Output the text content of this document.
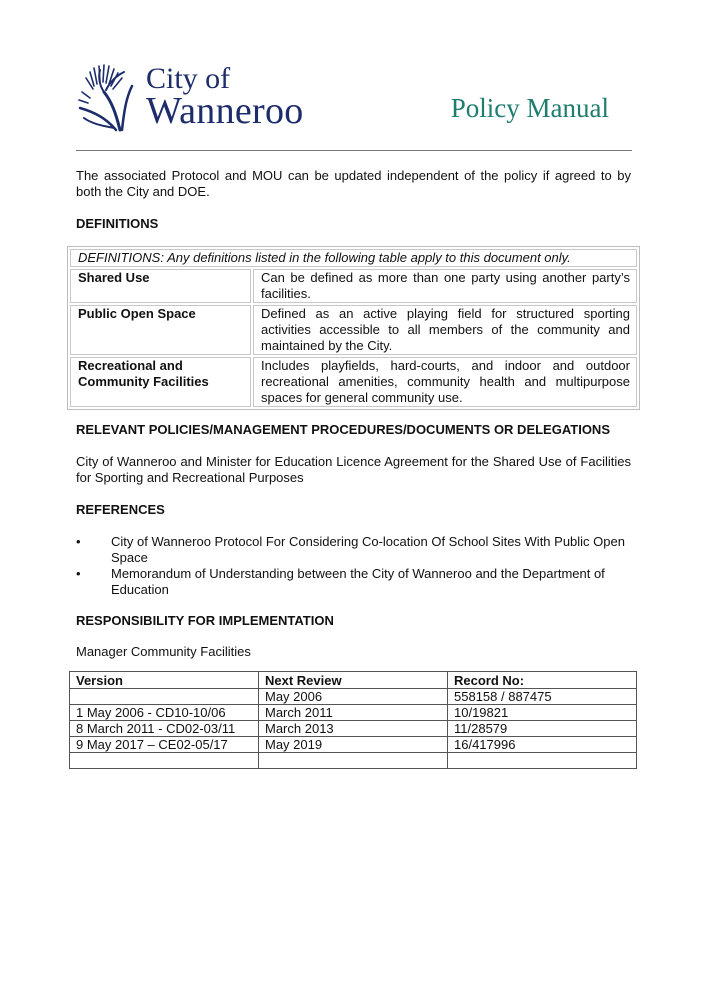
City of
Wanneroo	Policy Manual

The associated Protocol and MOU can be updated independent of the policy if agreed to by both the City and DOE.

DEFINITIONS
DEFINITIONS: Any definitions listed in the following table apply to this document only.	
Shared Use	Can be defined as more than one party using another party’s facilities.
Public Open Space	Defined as an active playing field for structured sporting activities accessible to all members of the community and maintained by the City.
Recreational and Community Facilities	Includes playfields, hard-courts, and indoor and outdoor recreational amenities, community health and multipurpose spaces for general community use.
RELEVANT POLICIES/MANAGEMENT PROCEDURES/DOCUMENTS OR DELEGATIONS

City of Wanneroo and Minister for Education Licence Agreement for the Shared Use of Facilities for Sporting and Recreational Purposes

REFERENCES
• City of Wanneroo Protocol For Considering Co-location Of School Sites With Public Open Space
• Memorandum of Understanding between the City of Wanneroo and the Department of Education
RESPONSIBILITY FOR IMPLEMENTATION

Manager Community Facilities

Version	Next Review	Record No:
	May 2006	558158 / 887475
1 May 2006 - CD10-10/06	March 2011	10/19821
8 March 2011 - CD02-03/11	March 2013	11/28579
9 May 2017 – CE02-05/17	May 2019	16/417996
